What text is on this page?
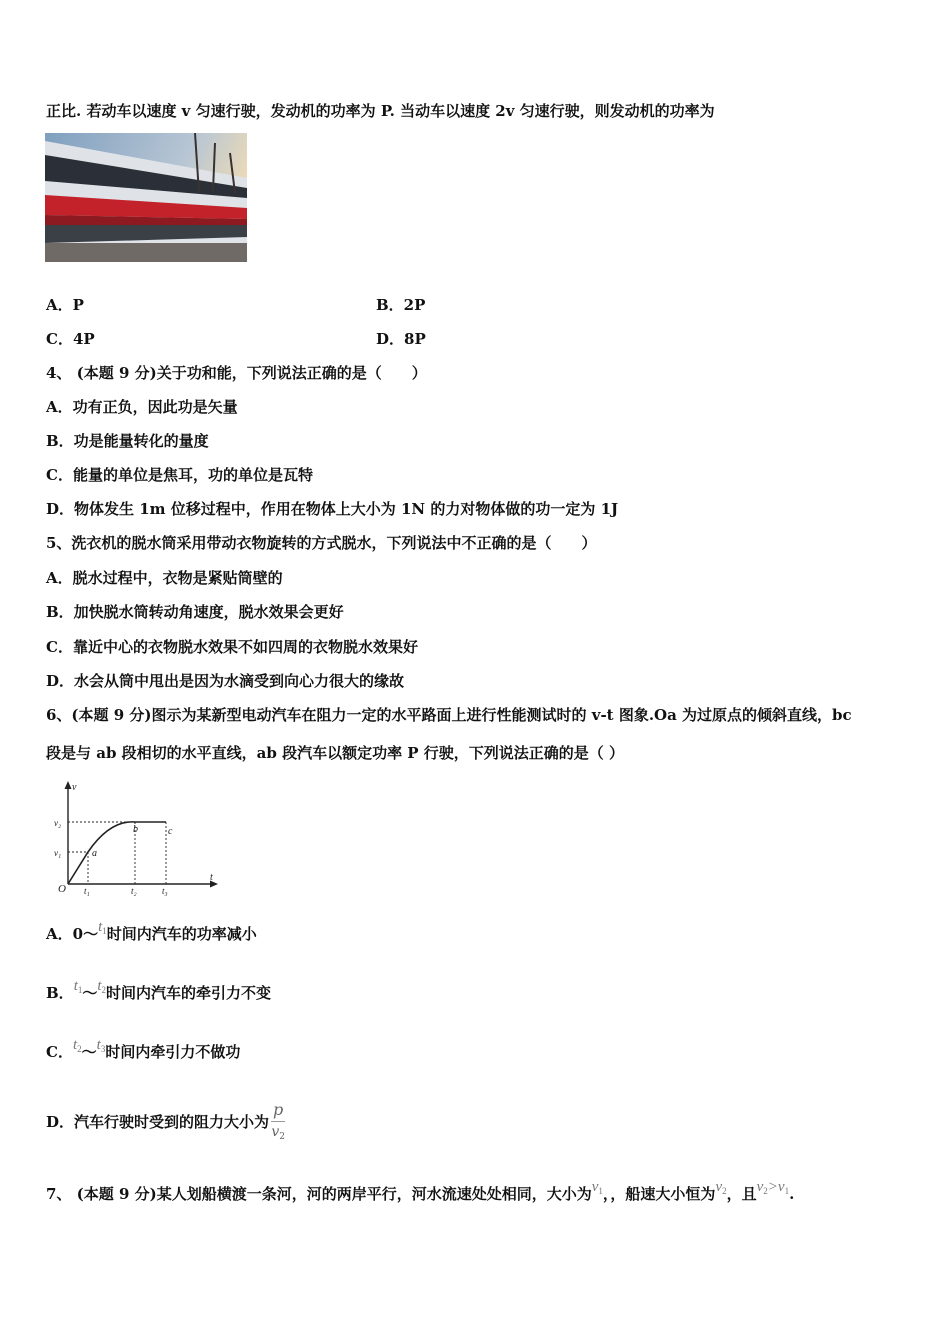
正比. 若动车以速度 v 匀速行驶，发动机的功率为 P. 当动车以速度 2v 匀速行驶，则发动机的功率为
A．P	B．2P
C．4P	D．8P
4、 (本题 9 分)关于功和能，下列说法正确的是（　　）
A．功有正负，因此功是矢量
B．功是能量转化的量度
C．能量的单位是焦耳，功的单位是瓦特
D．物体发生 1m 位移过程中，作用在物体上大小为 1N 的力对物体做的功一定为 1J
5、洗衣机的脱水筒采用带动衣物旋转的方式脱水，下列说法中不正确的是（　　）
A．脱水过程中，衣物是紧贴筒壁的
B．加快脱水筒转动角速度，脱水效果会更好
C．靠近中心的衣物脱水效果不如四周的衣物脱水效果好
D．水会从筒中甩出是因为水滴受到向心力很大的缘故
6、(本题 9 分)图示为某新型电动汽车在阻力一定的水平路面上进行性能测试时的 v-t 图象.Oa 为过原点的倾斜直线，bc
段是与 ab 段相切的水平直线，ab 段汽车以额定功率 P 行驶，下列说法正确的是（ ）
v
t
O
v₂
v₁
t₁	t₂	t₃
a
b	c
A．$0\sim t_1$时间内汽车的功率减小
B．$t_1\sim t_2$时间内汽车的牵引力不变
C．$t_2\sim t_3$时间内牵引力不做功
D．汽车行驶时受到的阻力大小为 $\frac{p}{v_2}$
7、 (本题 9 分)某人划船横渡一条河，河的两岸平行，河水流速处处相同，大小为$v_1$，，船速大小恒为$v_2$，且$v_2>v_1$.
